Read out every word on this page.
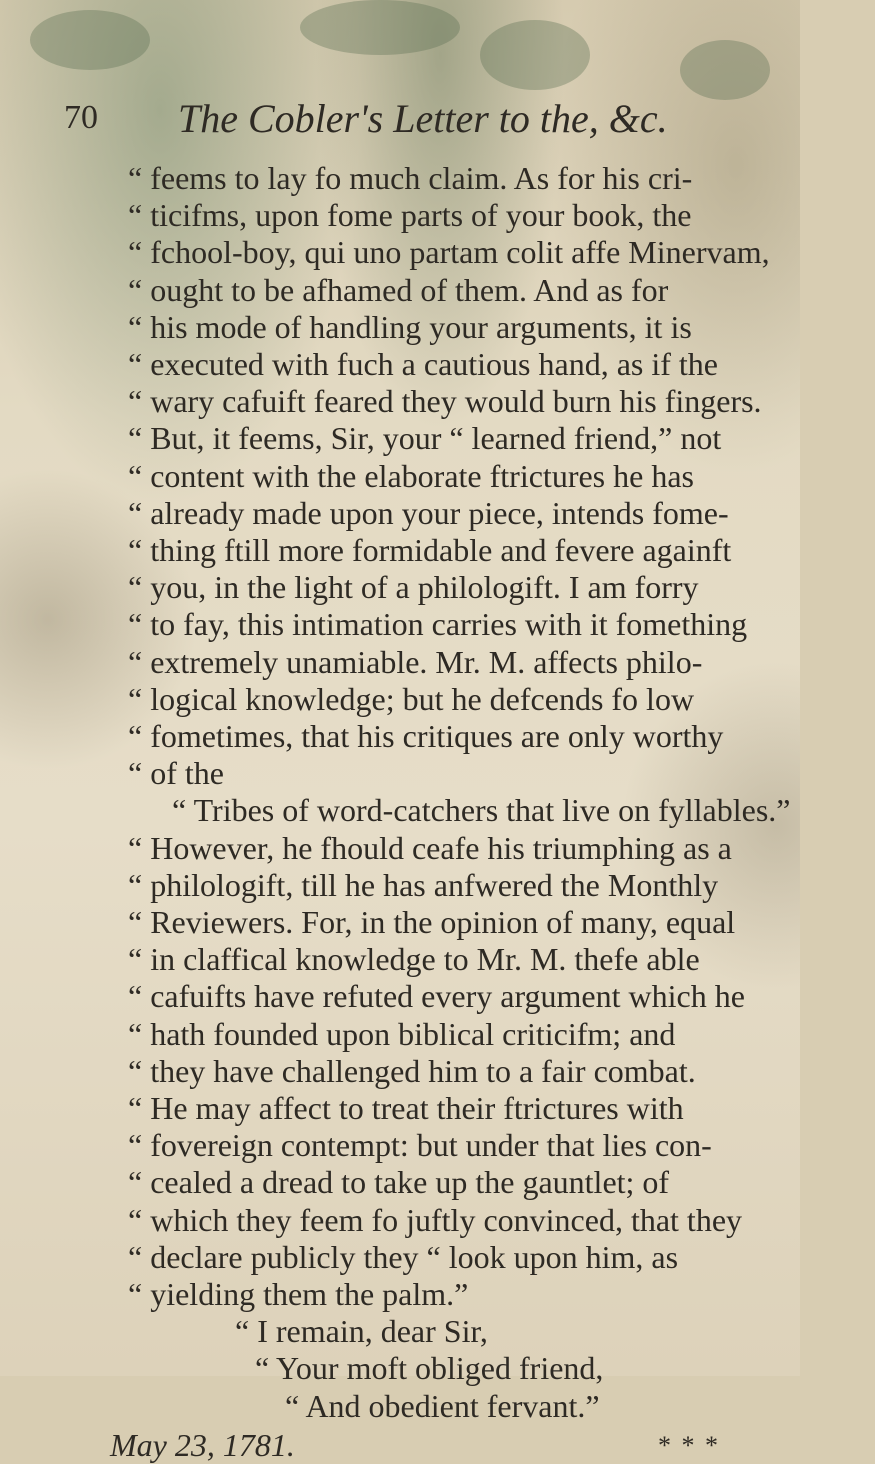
70 The Cobler's Letter to the, &c.
“ feems to lay fo much claim. As for his cri-
“ ticifms, upon fome parts of your book, the
“ fchool-boy, qui uno partam colit affe Minervam,
“ ought to be afhamed of them. And as for
“ his mode of handling your arguments, it is
“ executed with fuch a cautious hand, as if the
“ wary cafuift feared they would burn his fingers.
“ But, it feems, Sir, your “ learned friend,” not
“ content with the elaborate ftrictures he has
“ already made upon your piece, intends fome-
“ thing ftill more formidable and fevere againft
“ you, in the light of a philologift. I am forry
“ to fay, this intimation carries with it fomething
“ extremely unamiable. Mr. M. affects philo-
“ logical knowledge; but he defcends fo low
“ fometimes, that his critiques are only worthy
“ of the
“ Tribes of word-catchers that live on fyllables.”
“ However, he fhould ceafe his triumphing as a
“ philologift, till he has anfwered the Monthly
“ Reviewers. For, in the opinion of many, equal
“ in claffical knowledge to Mr. M. thefe able
“ cafuifts have refuted every argument which he
“ hath founded upon biblical criticifm; and
“ they have challenged him to a fair combat.
“ He may affect to treat their ftrictures with
“ fovereign contempt: but under that lies con-
“ cealed a dread to take up the gauntlet; of
“ which they feem fo juftly convinced, that they
“ declare publicly they “ look upon him, as
“ yielding them the palm.”
“ I remain, dear Sir,
“ Your moft obliged friend,
“ And obedient fervant.”
May 23, 1781.	* * *
